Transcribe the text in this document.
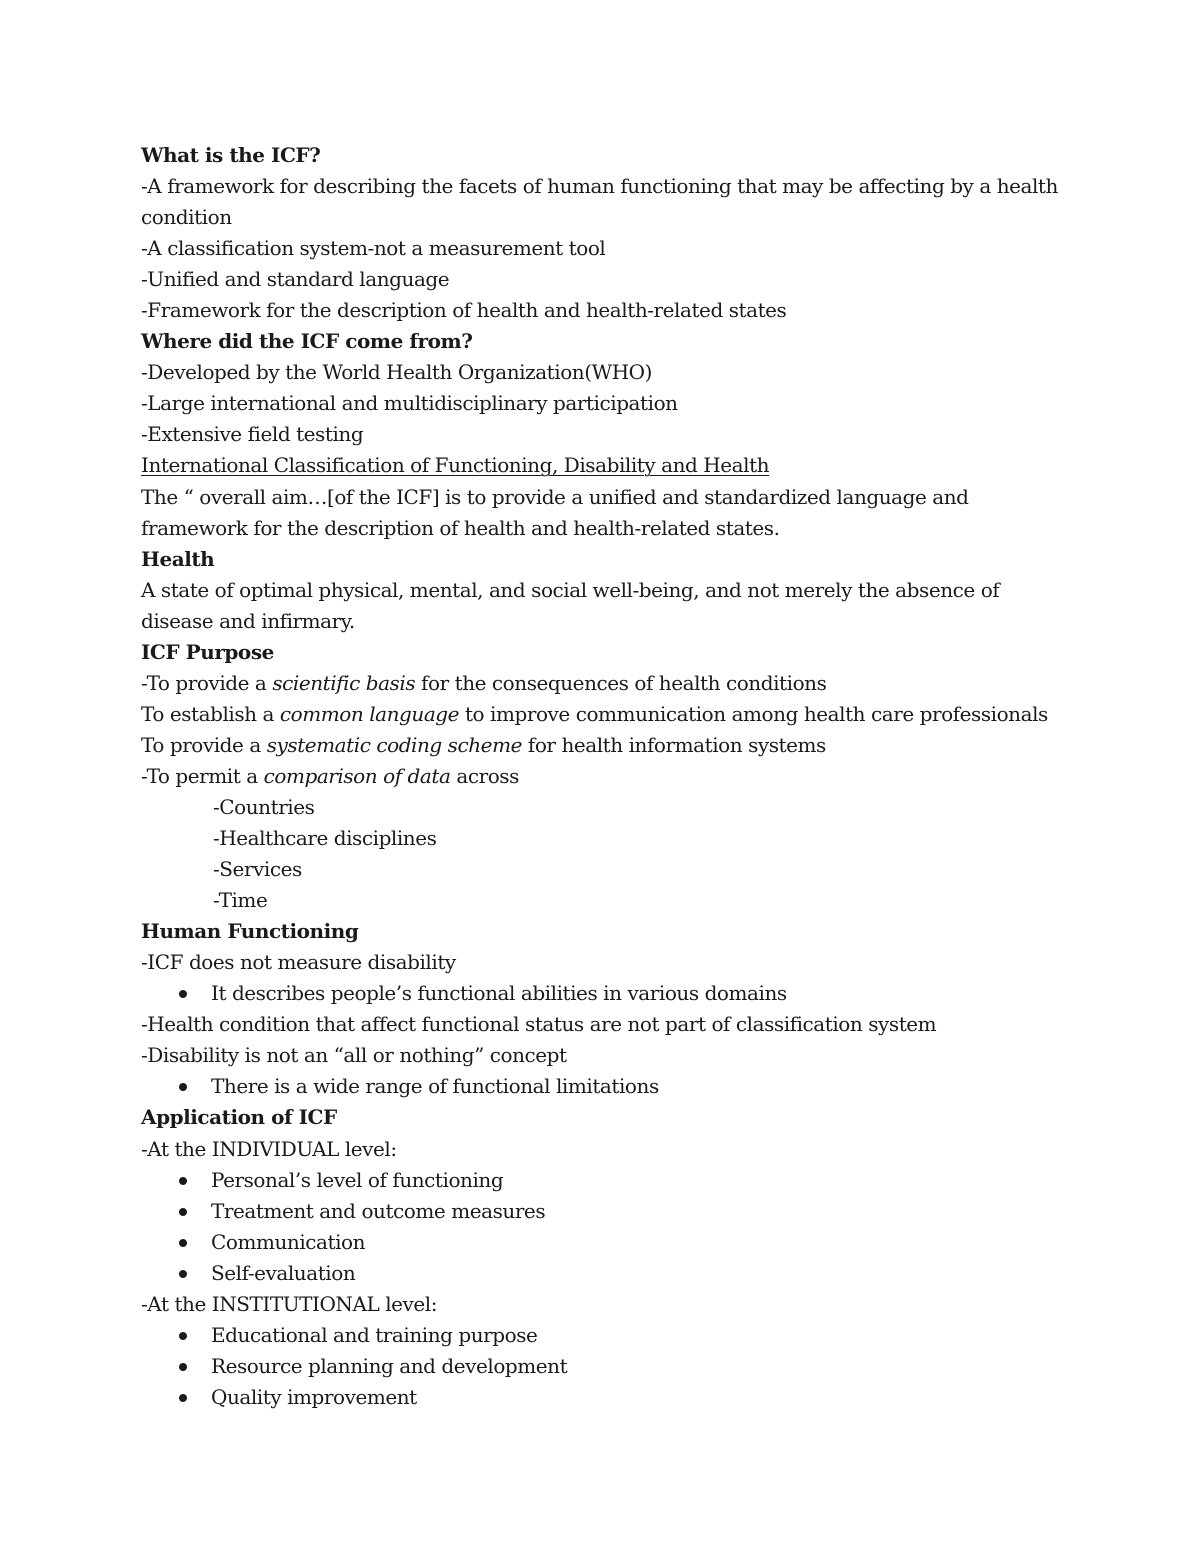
What is the ICF?

-A framework for describing the facets of human functioning that may be affecting by a health condition

-A classification system-not a measurement tool

-Unified and standard language

-Framework for the description of health and health-related states

Where did the ICF come from?

-Developed by the World Health Organization(WHO)

-Large international and multidisciplinary participation

-Extensive field testing

International Classification of Functioning, Disability and Health

The “ overall aim…[of the ICF] is to provide a unified and standardized language and framework for the description of health and health-related states.

Health

A state of optimal physical, mental, and social well-being, and not merely the absence of disease and infirmary.

ICF Purpose

-To provide a scientific basis for the consequences of health conditions

To establish a common language to improve communication among health care professionals

To provide a systematic coding scheme for health information systems

-To permit a comparison of data across

-Countries

-Healthcare disciplines

-Services

-Time

Human Functioning

-ICF does not measure disability

It describes people’s functional abilities in various domains

-Health condition that affect functional status are not part of classification system

-Disability is not an “all or nothing” concept

There is a wide range of functional limitations

Application of ICF

-At the INDIVIDUAL level:

Personal’s level of functioning

Treatment and outcome measures

Communication

Self-evaluation

-At the INSTITUTIONAL level:

Educational and training purpose

Resource planning and development

Quality improvement
